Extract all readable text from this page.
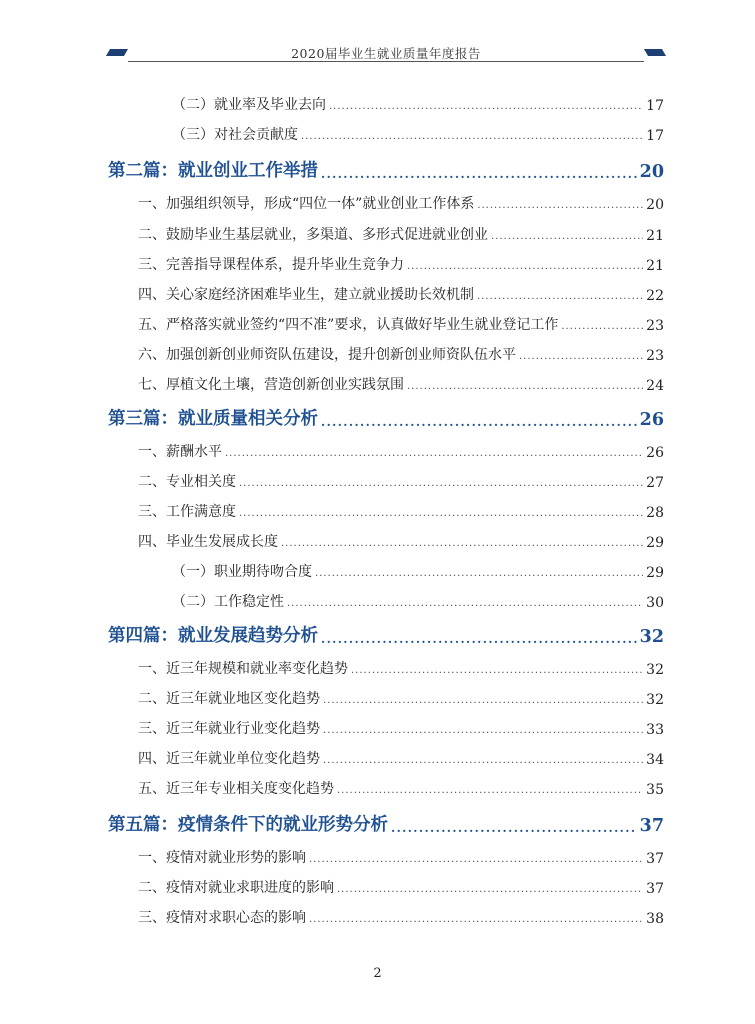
2020届毕业生就业质量年度报告
（二）就业率及毕业去向 .....	17
（三）对社会贡献度 .....	17
第二篇：就业创业工作举措 .....	20
一、加强组织领导，形成“四位一体”就业创业工作体系 .....	20
二、鼓励毕业生基层就业，多渠道、多形式促进就业创业 .....	21
三、完善指导课程体系，提升毕业生竞争力 .....	21
四、关心家庭经济困难毕业生，建立就业援助长效机制 .....	22
五、严格落实就业签约“四不准”要求，认真做好毕业生就业登记工作 .....	23
六、加强创新创业师资队伍建设，提升创新创业师资队伍水平 .....	23
七、厚植文化土壤，营造创新创业实践氛围 .....	24
第三篇：就业质量相关分析 .....	26
一、薪酬水平 .....	26
二、专业相关度 .....	27
三、工作满意度 .....	28
四、毕业生发展成长度 .....	29
（一）职业期待吻合度 .....	29
（二）工作稳定性 .....	30
第四篇：就业发展趋势分析 .....	32
一、近三年规模和就业率变化趋势 .....	32
二、近三年就业地区变化趋势 .....	32
三、近三年就业行业变化趋势 .....	33
四、近三年就业单位变化趋势 .....	34
五、近三年专业相关度变化趋势 .....	35
第五篇：疫情条件下的就业形势分析 .....	37
一、疫情对就业形势的影响 .....	37
二、疫情对就业求职进度的影响 .....	37
三、疫情对求职心态的影响 .....	38
2
